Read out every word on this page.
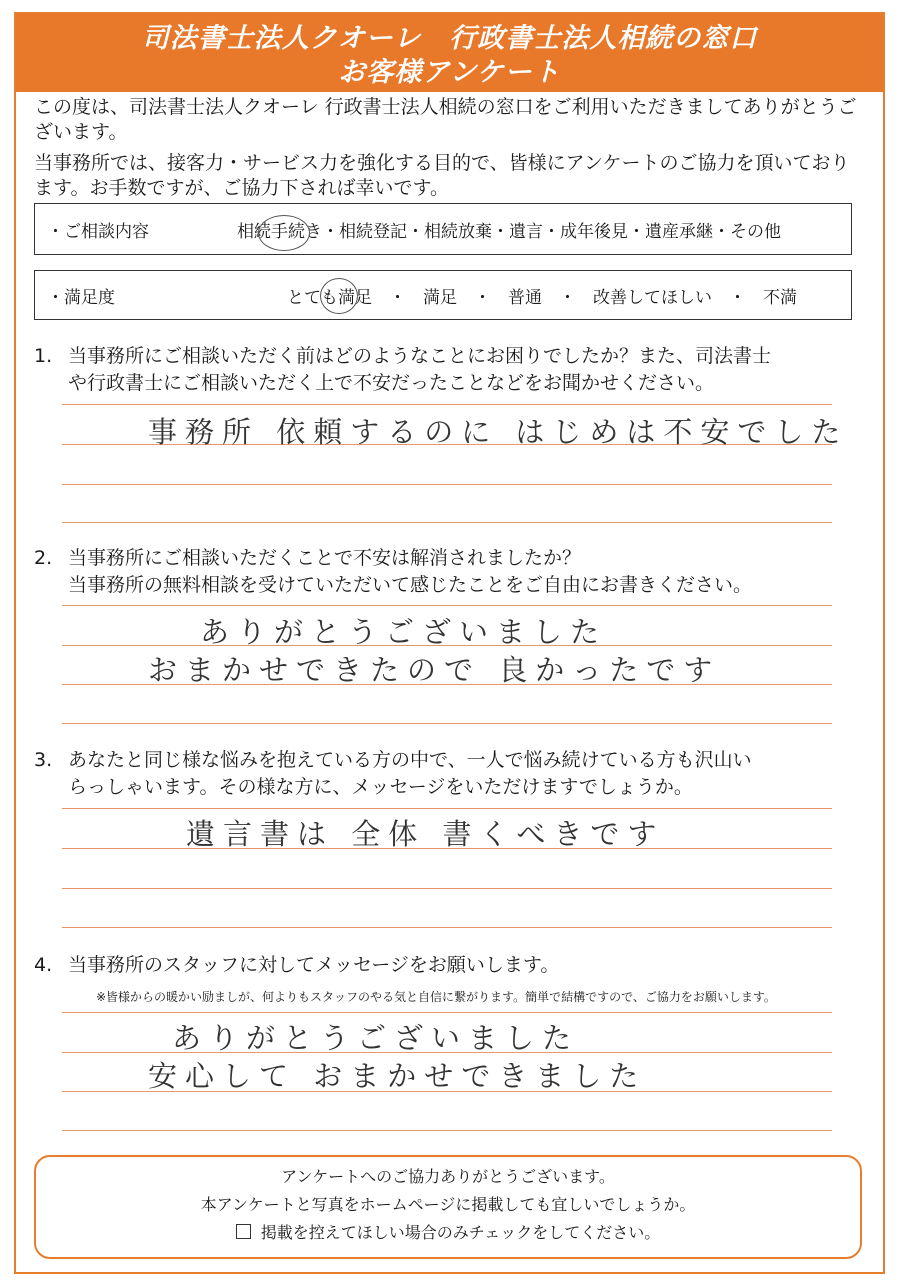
司法書士法人クオーレ　行政書士法人相続の窓口
お客様アンケート

この度は、司法書士法人クオーレ 行政書士法人相続の窓口をご利用いただきましてありがとうございます。

当事務所では、接客力・サービス力を強化する目的で、皆様にアンケートのご協力を頂いております。お手数ですが、ご協力下されば幸いです。

・ご相談内容	相続手続き・相続登記・相続放棄・遺言・成年後見・遺産承継・その他
・満足度	とても満足　・　満足　・　普通　・　改善してほしい　・　不満
1. 当事務所にご相談いただく前はどのようなことにお困りでしたか？また、司法書士
や行政書士にご相談いただく上で不安だったことなどをお聞かせください。
事務所 依頼するのに はじめは不安でした
2. 当事務所にご相談いただくことで不安は解消されましたか？
当事務所の無料相談を受けていただいて感じたことをご自由にお書きください。
ありがとうございました
おまかせできたので 良かったです
3. あなたと同じ様な悩みを抱えている方の中で、一人で悩み続けている方も沢山い
らっしゃいます。その様な方に、メッセージをいただけますでしょうか。
遺言書は 全体 書くべきです
4. 当事務所のスタッフに対してメッセージをお願いします。
※皆様からの暖かい励ましが、何よりもスタッフのやる気と自信に繋がります。簡単で結構ですので、ご協力をお願いします。
ありがとうございました
安心して おまかせできました
アンケートへのご協力ありがとうございます。
本アンケートと写真をホームページに掲載しても宜しいでしょうか。
掲載を控えてほしい場合のみチェックをしてください。
